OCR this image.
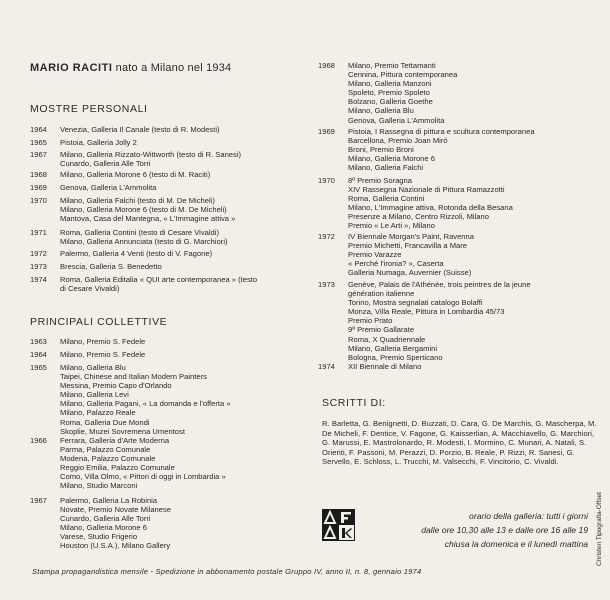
MARIO RACITI nato a Milano nel 1934
MOSTRE PERSONALI
1964	Venezia, Galleria Il Canale (testo di R. Modesti)
1965	Pistoia, Galleria Jolly 2
1967	Milano, Galleria Rizzato-Wittworth (testo di R. Sanesi)
Cunardo, Galleria Alle Torri
1968	Milano, Galleria Morone 6 (testo di M. Raciti)
1969	Genova, Galleria L'Ammolita
1970	Milano, Galleria Falchi (testo di M. De Micheli)
Milano, Galleria Morone 6 (testo di M. De Micheli)
Mantova, Casa del Mantegna, « L'Immagine attiva »
1971	Roma, Galleria Contini (testo di Cesare Vivaldi)
Milano, Galleria Annunciata (testo di G. Marchiori)
1972	Palermo, Galleria 4 Venti (testo di V. Fagone)
1973	Brescia, Galleria S. Benedetto
1974	Roma, Galleria Editalia « QUI arte contemporanea » (testo
di Cesare Vivaldi)
PRINCIPALI COLLETTIVE
1963	Milano, Premio S. Fedele
1964	Milano, Premio S. Fedele
1965	Milano, Galleria Blu
Taipei, Chinese and Italian Modern Painters
Messina, Premio Capo d'Orlando
Milano, Galleria Levi
Milano, Galleria Pagani, « La domanda e l'offerta »
Milano, Palazzo Reale
Roma, Galleria Due Mondi
Skoplie, Muzei Sovremena Umentost
1966	Ferrara, Galleria d'Arte Moderna
Parma, Palazzo Comunale
Modena, Palazzo Comunale
Reggio Emilia, Palazzo Comunale
Como, Villa Olmo, « Pittori di oggi in Lombardia »
Milano, Studio Marconi
1967	Palermo, Galleria La Robinia
Novate, Premio Novate Milanese
Cunardo, Galleria Alle Torri
Milano, Galleria Morone 6
Varese, Studio Frigerio
Houston (U.S.A.), Milano Gallery
1968	Milano, Premio Tettamanti
Cennina, Pittura contemporanea
Milano, Galleria Manzoni
Spoleto, Premio Spoleto
Bolzano, Galleria Goethe
Milano, Galleria Blu
Genova, Galleria L'Ammolita
1969	Pistoia, I Rassegna di pittura e scultura contemporanea
Barcellona, Premio Joan Miró
Broni, Premio Broni
Milano, Galleria Morone 6
Milano, Galleria Falchi
1970	8º Premio Soragna
XIV Rassegna Nazionale di Pittura Ramazzotti
Roma, Galleria Contini
Milano, L'Immagine attiva, Rotonda della Besana
Presenze a Milano, Centro Rizzoli, Milano
Premio « Le Arti », Milano
1972	IV Biennale Morgan's Paint, Ravenna
Premio Michetti, Francavilla a Mare
Premio Varazze
« Perché l'ironia? », Caserta
Galleria Numaga, Auvernier (Suisse)
1973	Genève, Palais de l'Athénée, trois peintres de la jeune
génération italienne
Torino, Mostra segnalati catalogo Bolaffi
Monza, Villa Reale, Pittura in Lombardia 45/73
Premio Prato
9º Premio Gallarate
Roma, X Quadriennale
Milano, Galleria Bergamini
Bologna, Premio Sperticano
1974	XII Biennale di Milano
SCRITTI DI:
R. Barletta, G. Benignetti, D. Buzzati, D. Cara, G. De Marchis, G. Mascherpa, M. De Micheli, F. Dentice, V. Fagone, G. Kaisserlian, A. Macchiavello, G. Marchiori, G. Marussi, E. Mastrolonardo, R. Modesti, I. Mormino, C. Munari, A. Natali, S. Orienti, F. Passoni, M. Perazzi, D. Porzio, B. Reale, P. Rizzi, R. Sanesi, G. Servello, E. Schloss, L. Trucchi, M. Valsecchi, F. Vincitorio, C. Vivaldi.
orario della galleria: tutti i giorni
dalle ore 10,30 alle 13 e dalle ore 16 alle 19
chiusa la domenica e il lunedì mattina Christen Tipografia-Offset
Stampa propagandistica mensile - Spedizione in abbonamento postale Gruppo IV, anno II, n. 8, gennaio 1974
